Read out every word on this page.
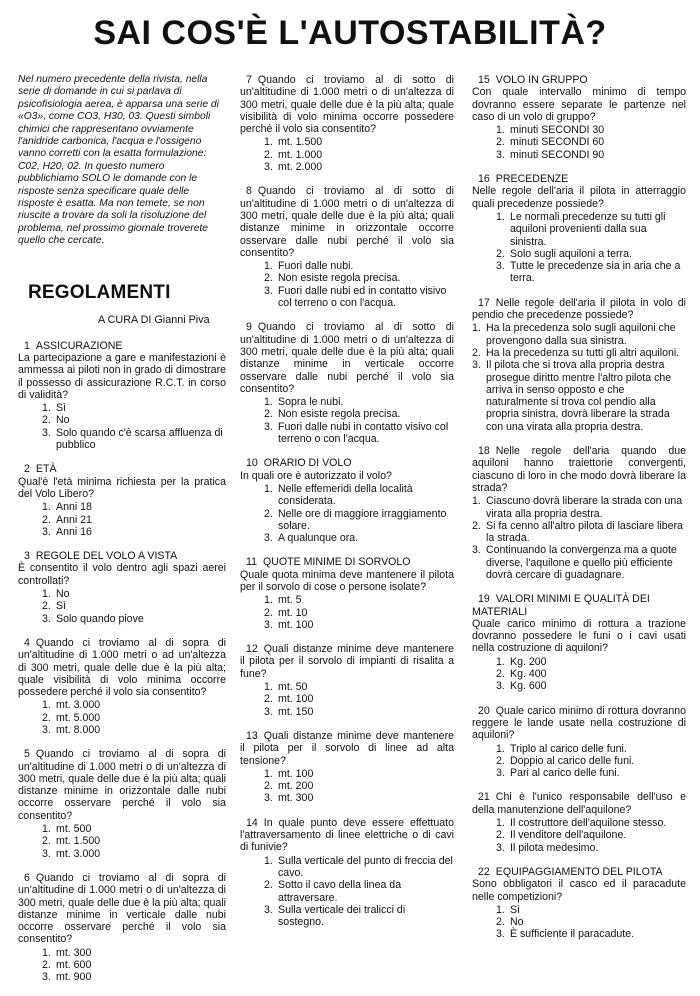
SAI COS'È L'AUTOSTABILITÀ?

Nel numero precedente della rivista, nella serie di domande in cui si parlava di psicofisiologia aerea, è apparsa una serie di «O3», come CO3, H30, 03. Questi simboli chimici che rappresentano ovviamente l'anidride carbonica, l'acqua e l'ossigeno vanno corretti con la esatta formulazione: C02, H20, 02. In questo numero pubblichiamo SOLO le domande con le risposte senza specificare quale delle risposte è esatta. Ma non temete, se non riuscite a trovare da soli la risoluzione del problema, nel prossimo giornale troverete quello che cercate.

REGOLAMENTI
A CURA DI Gianni Piva
1 ASSICURAZIONE
La partecipazione a gare e manifestazioni è ammessa ai piloti non in grado di dimostrare il possesso di assicurazione R.C.T. in corso di validità?
1. Sì
2. No
3. Solo quando c'è scarsa affluenza di pubblico
2 ETÀ
Qual'è l'età minima richiesta per la pratica del Volo Libero?
1. Anni 18
2. Anni 21
3. Anni 16
3 REGOLE DEL VOLO A VISTA
È consentito il volo dentro agli spazi aerei controllati?
1. No
2. Sì
3. Solo quando piove
4 Quando ci troviamo al di sopra di un'altitudine di 1.000 metri o ad un'altezza di 300 metri, quale delle due è la più alta; quale visibilità di volo minima occorre possedere perché il volo sia consentito?
1. mt. 3.000
2. mt. 5.000
3. mt. 8.000
5 Quando ci troviamo al di sopra di un'altitudine di 1.000 metri o di un'altezza di 300 metri, quale delle due è la più alta; quali distanze minime in orizzontale dalle nubi occorre osservare perché il volo sia consentito?
1. mt. 500
2. mt. 1.500
3. mt. 3.000
6 Quando ci troviamo al di sopra di un'altitudine di 1.000 metri o di un'altezza di 300 metri, quale delle due è la più alta; quali distanze minime in verticale dalle nubi occorre osservare perché il volo sia consentito?
1. mt. 300
2. mt. 600
3. mt. 900
7 Quando ci troviamo al di sotto di un'altitudine di 1.000 metri o di un'altezza di 300 metri, quale delle due è la più alta; quale visibilità di volo minima occorre possedere perché il volo sia consentito?
1. mt. 1.500
2. mt. 1.000
3. mt. 2.000
8 Quando ci troviamo al di sotto di un'altitudine di 1.000 metri o di un'altezza di 300 metri, quale delle due è la più alta; quali distanze minime in orizzontale occorre osservare dalle nubi perché il volo sia consentito?
1. Fuori dalle nubi.
2. Non esiste regola precisa.
3. Fuori dalle nubi ed in contatto visivo col terreno o con l'acqua.
9 Quando ci troviamo al di sotto di un'altitudine di 1.000 metri o di un'altezza di 300 metri, quale delle due è la più alta; quali distanze minime in verticale occorre osservare dalle nubi perché il volo sia consentito?
1. Sopra le nubi.
2. Non esiste regola precisa.
3. Fuori dalle nubi in contatto visivo col terreno o con l'acqua.
10 ORARIO DI VOLO
In quali ore è autorizzato il volo?
1. Nelle effemeridi della località considerata.
2. Nelle ore di maggiore irraggiamento solare.
3. A qualunque ora.
11 QUOTE MINIME DI SORVOLO
Quale quota minima deve mantenere il pilota per il sorvolo di cose o persone isolate?
1. mt. 5
2. mt. 10
3. mt. 100
12 Quali distanze minime deve mantenere il pilota per il sorvolo di impianti di risalita a fune?
1. mt. 50
2. mt. 100
3. mt. 150
13 Quali distanze minime deve mantenere il pilota per il sorvolo di linee ad alta tensione?
1. mt. 100
2. mt. 200
3. mt. 300
14 In quale punto deve essere effettuato l'attraversamento di linee elettriche o di cavi di funivie?
1. Sulla verticale del punto di freccia del cavo.
2. Sotto il cavo della linea da attraversare.
3. Sulla verticale dei tralicci di sostegno.
15 VOLO IN GRUPPO
Con quale intervallo minimo di tempo dovranno essere separate le partenze nel caso di un volo di gruppo?
1. minuti SECONDI 30
2. minuti SECONDI 60
3. minuti SECONDI 90
16 PRECEDENZE
Nelle regole dell'aria il pilota in atterraggio quali precedenze possiede?
1. Le normali precedenze su tutti gli aquiloni provenienti dalla sua sinistra.
2. Solo sugli aquiloni a terra.
3. Tutte le precedenze sia in aria che a terra.
17 Nelle regole dell'aria il pilota in volo di pendio che precedenze possiede?
1. Ha la precedenza solo sugli aquiloni che provengono dalla sua sinistra.
2. Ha la precedenza su tutti gli altri aquiloni.
3. Il pilota che si trova alla propria destra prosegue diritto mentre l'altro pilota che arriva in senso opposto e che naturalmente si trova col pendio alla propria sinistra, dovrà liberare la strada con una virata alla propria destra.
18 Nelle regole dell'aria quando due aquiloni hanno traiettorie convergenti, ciascuno di loro in che modo dovrà liberare la strada?
1. Ciascuno dovrà liberare la strada con una virata alla propria destra.
2. Si fa cenno all'altro pilota di lasciare libera la strada.
3. Continuando la convergenza ma a quote diverse, l'aquilone e quello più efficiente dovrà cercare di guadagnare.
19 VALORI MINIMI E QUALITÀ DEI MATERIALI
Quale carico minimo di rottura a trazione dovranno possedere le funi o i cavi usati nella costruzione di aquiloni?
1. Kg. 200
2. Kg. 400
3. Kg. 600
20 Quale carico minimo di rottura dovranno reggere le lande usate nella costruzione di aquiloni?
1. Triplo al carico delle funi.
2. Doppio al carico delle funi.
3. Pari al carico delle funi.
21 Chi è l'unico responsabile dell'uso e della manutenzione dell'aquilone?
1. Il costruttore dell'aquilone stesso.
2. Il venditore dell'aquilone.
3. Il pilota medesimo.
22 EQUIPAGGIAMENTO DEL PILOTA
Sono obbligatori il casco ed il paracadute nelle competizioni?
1. Sì
2. No
3. È sufficiente il paracadute.
